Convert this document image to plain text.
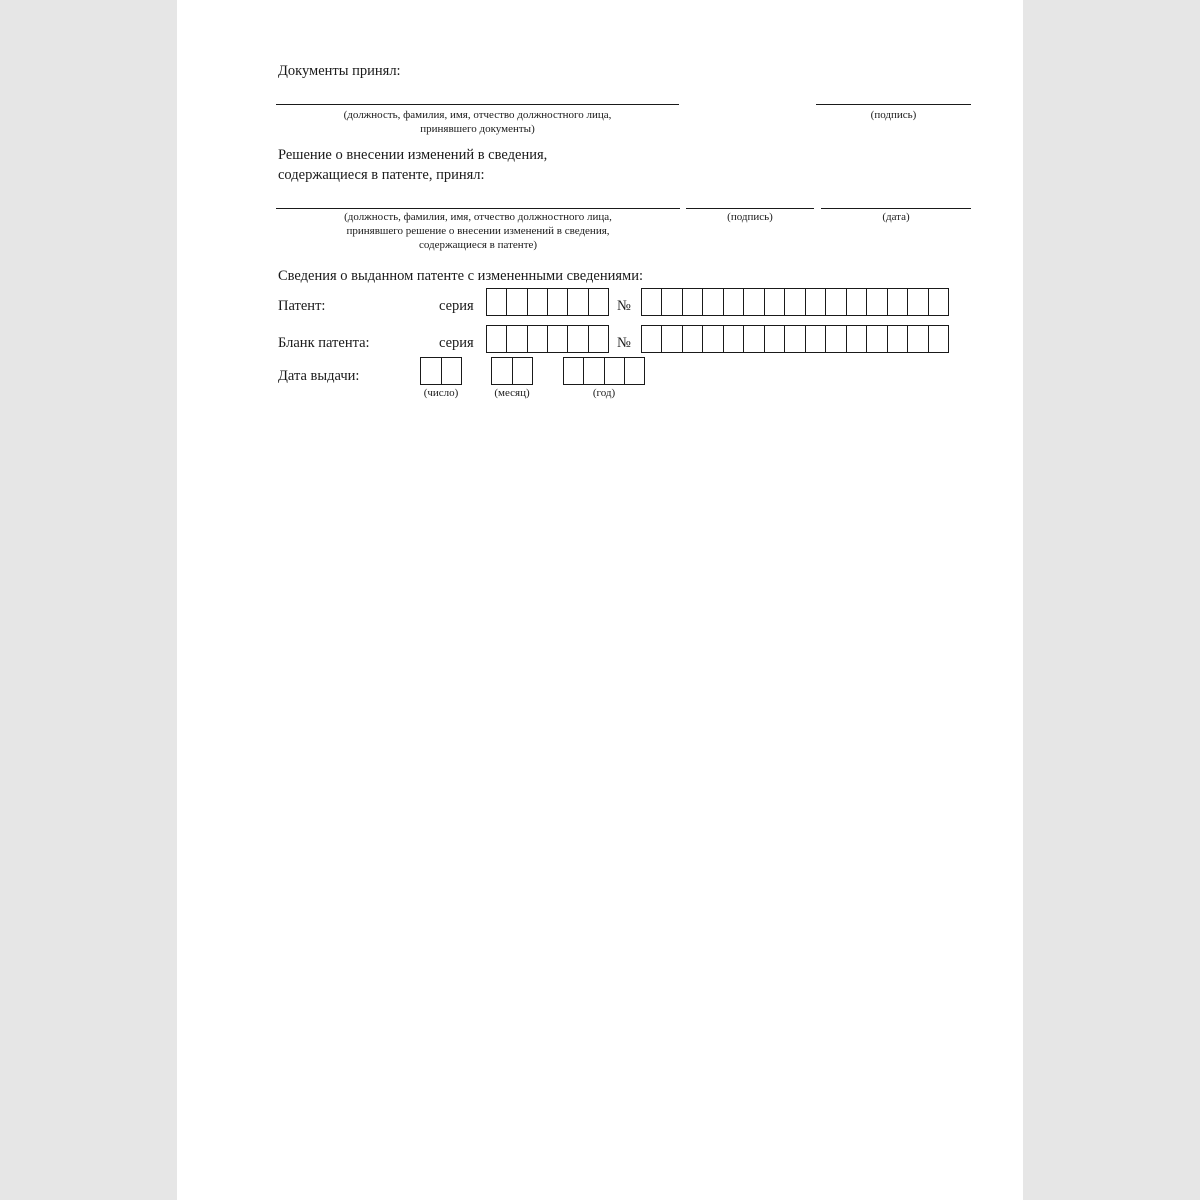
Документы принял:
(должность, фамилия, имя, отчество должностного лица,
принявшего документы)
(подпись)
Решение о внесении изменений в сведения,
содержащиеся в патенте, принял:
(должность, фамилия, имя, отчество должностного лица,
принявшего решение о внесении изменений в сведения,
содержащиеся в патенте)
(подпись)	(дата)
Сведения о выданном патенте с измененными сведениями:
Патент:	серия	№
Бланк патента:	серия	№
Дата выдачи:
(число)	(месяц)	(год)
